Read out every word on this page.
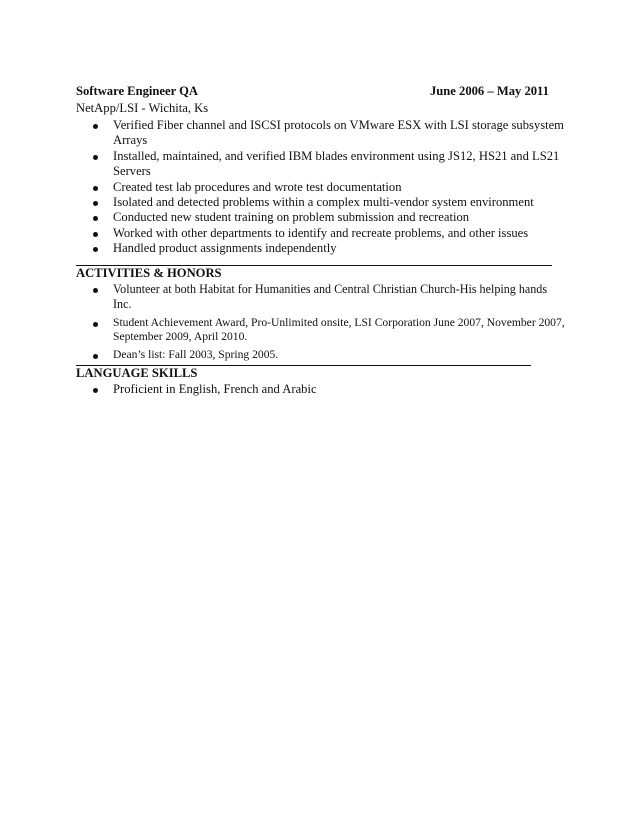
Software Engineer QA	June 2006 – May 2011
NetApp/LSI - Wichita, Ks
Verified Fiber channel and ISCSI protocols on VMware ESX with LSI storage subsystem Arrays
Installed, maintained, and verified IBM blades environment using JS12, HS21 and LS21 Servers
Created test lab procedures and wrote test documentation
Isolated and detected problems within a complex multi-vendor system environment
Conducted new student training on problem submission and recreation
Worked with other departments to identify and recreate problems, and other issues
Handled product assignments independently
ACTIVITIES & HONORS
Volunteer at both Habitat for Humanities and Central Christian Church-His helping hands Inc.
Student Achievement Award, Pro-Unlimited onsite, LSI Corporation June 2007, November 2007, September 2009, April 2010.
Dean’s list: Fall 2003, Spring 2005.
LANGUAGE SKILLS
Proficient in English, French and Arabic
